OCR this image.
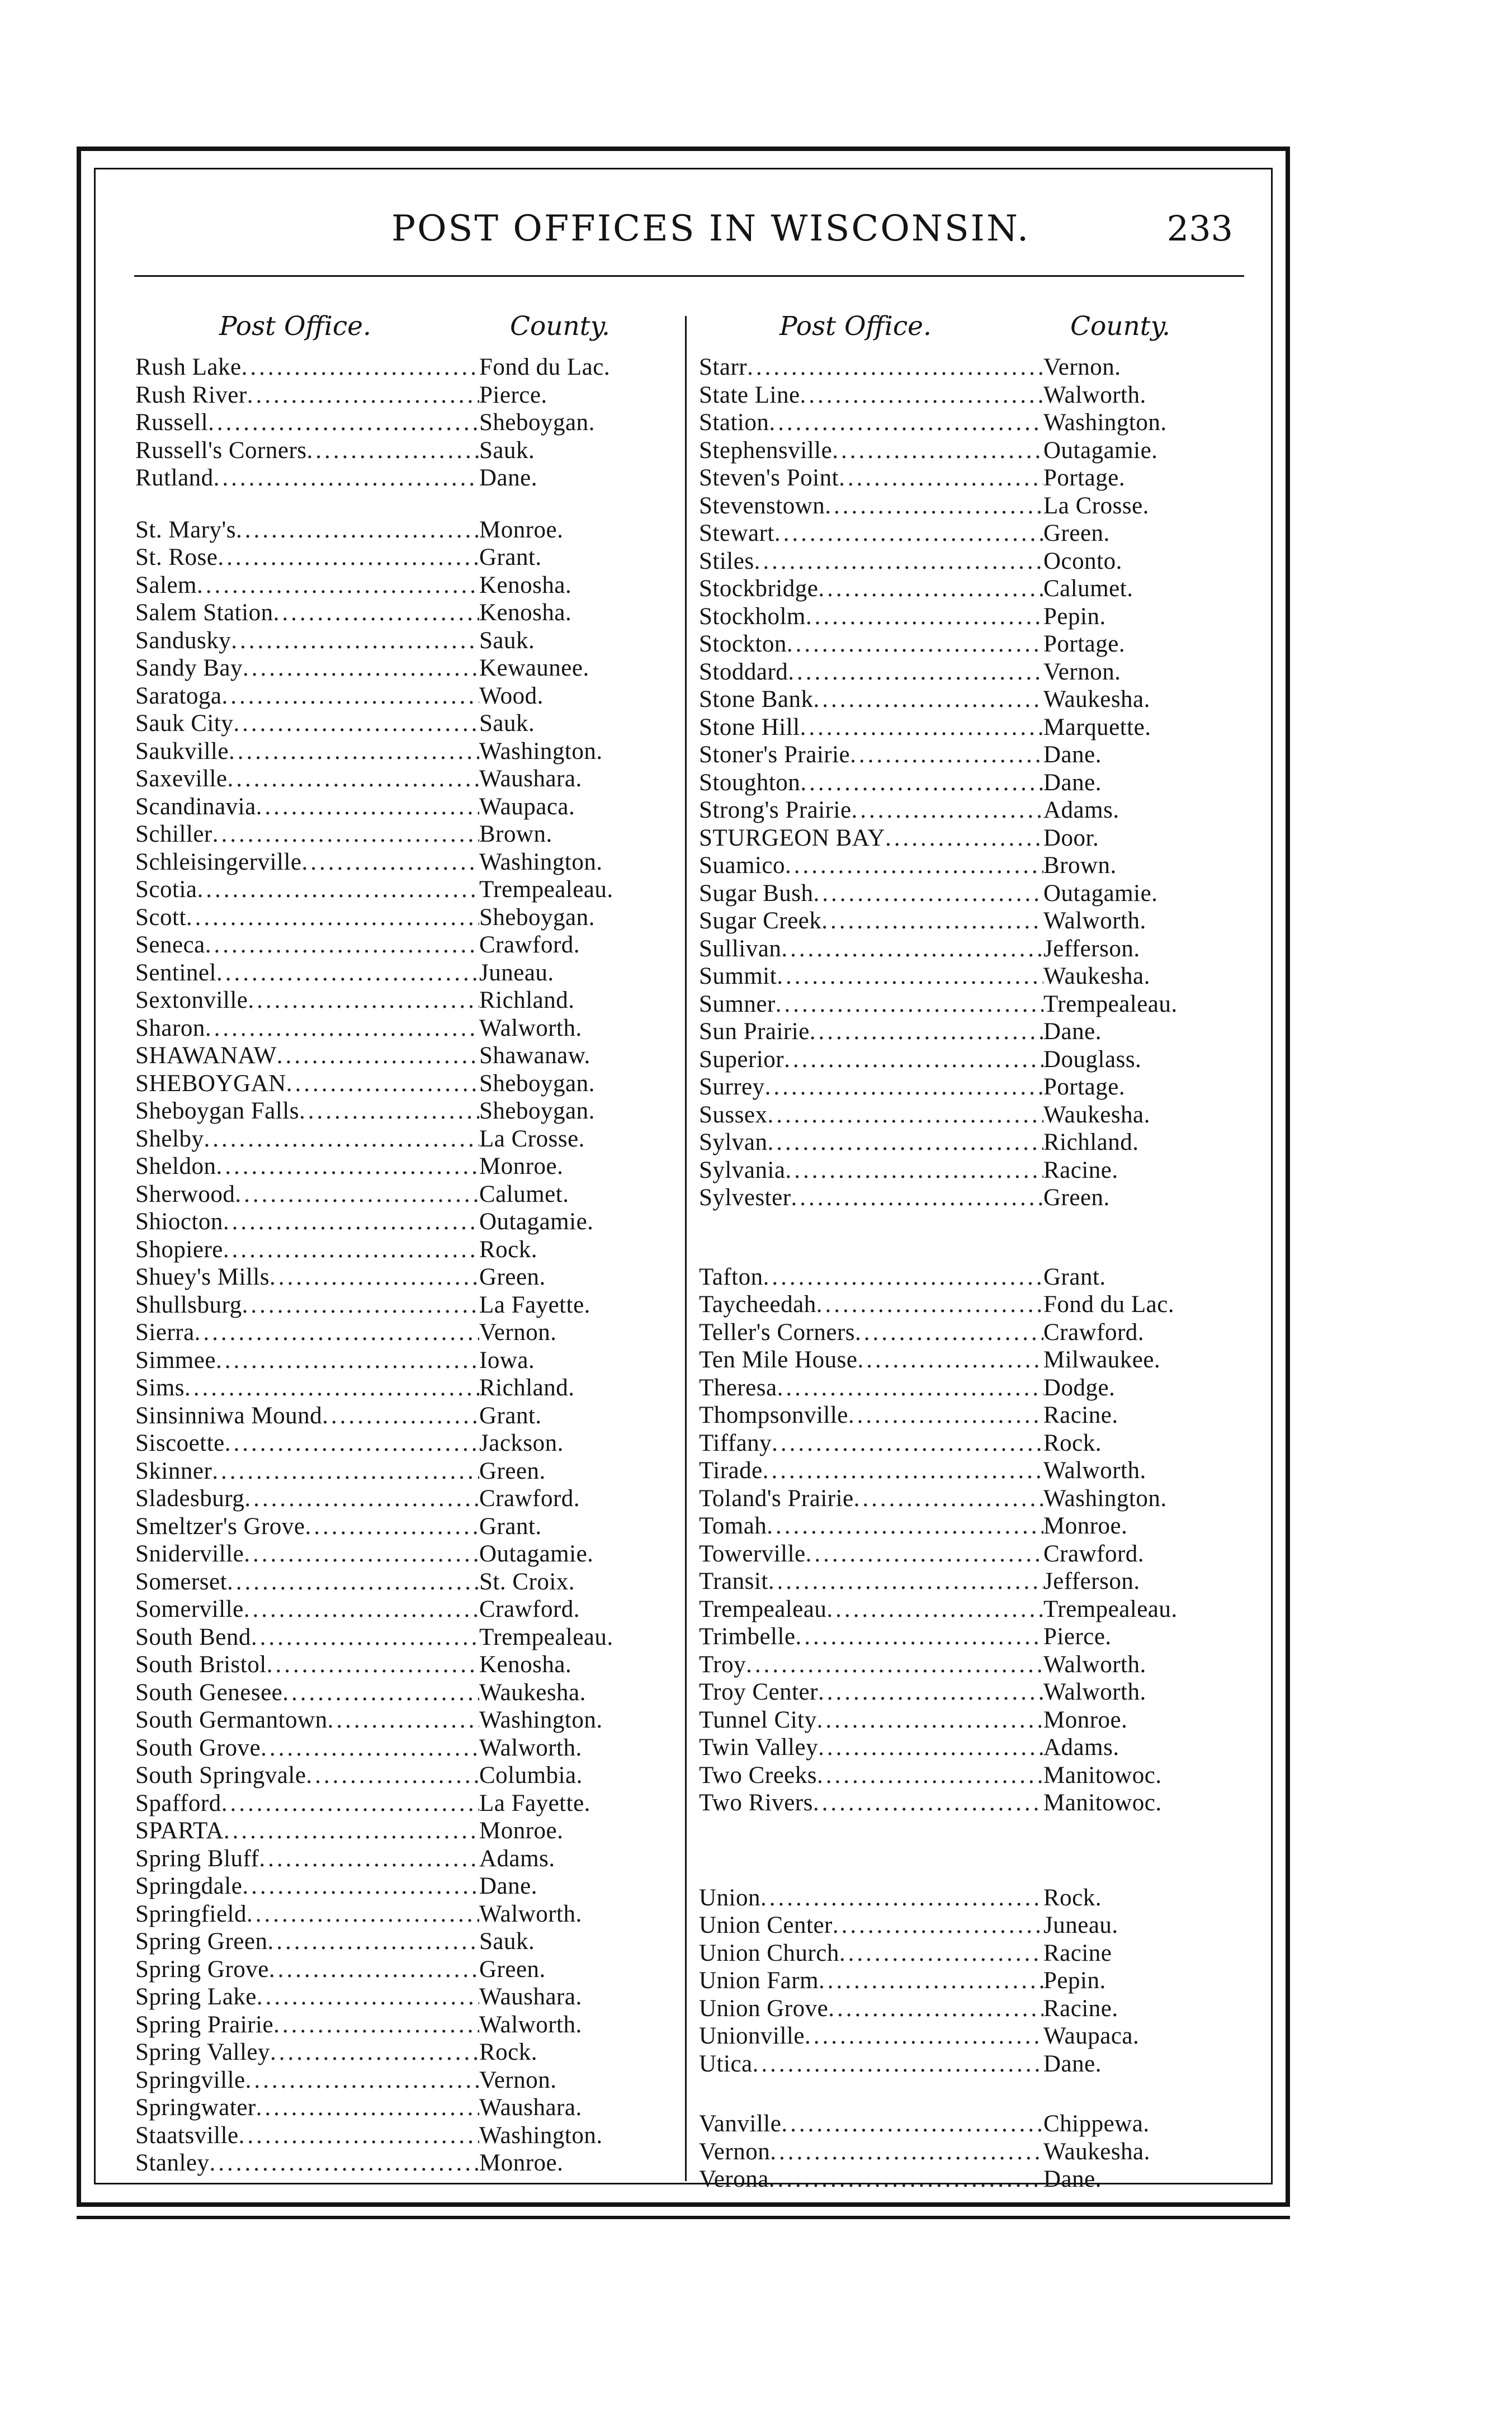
POST OFFICES IN WISCONSIN.	233
Post Office.	County.
Rush Lake .....	Fond du Lac.
Rush River .....	Pierce.
Russell .....	Sheboygan.
Russell's Corners .....	Sauk.
Rutland .....	Dane.
St. Mary's .....	Monroe.
St. Rose .....	Grant.
Salem .....	Kenosha.
Salem Station .....	Kenosha.
Sandusky .....	Sauk.
Sandy Bay .....	Kewaunee.
Saratoga .....	Wood.
Sauk City .....	Sauk.
Saukville .....	Washington.
Saxeville .....	Waushara.
Scandinavia .....	Waupaca.
Schiller .....	Brown.
Schleisingerville .....	Washington.
Scotia .....	Trempealeau.
Scott .....	Sheboygan.
Seneca .....	Crawford.
Sentinel .....	Juneau.
Sextonville .....	Richland.
Sharon .....	Walworth.
SHAWANAW .....	Shawanaw.
SHEBOYGAN .....	Sheboygan.
Sheboygan Falls .....	Sheboygan.
Shelby .....	La Crosse.
Sheldon .....	Monroe.
Sherwood .....	Calumet.
Shiocton .....	Outagamie.
Shopiere .....	Rock.
Shuey's Mills .....	Green.
Shullsburg .....	La Fayette.
Sierra .....	Vernon.
Simmee .....	Iowa.
Sims .....	Richland.
Sinsinniwa Mound .....	Grant.
Siscoette .....	Jackson.
Skinner .....	Green.
Sladesburg .....	Crawford.
Smeltzer's Grove .....	Grant.
Sniderville .....	Outagamie.
Somerset .....	St. Croix.
Somerville .....	Crawford.
South Bend .....	Trempealeau.
South Bristol .....	Kenosha.
South Genesee .....	Waukesha.
South Germantown .....	Washington.
South Grove .....	Walworth.
South Springvale .....	Columbia.
Spafford .....	La Fayette.
SPARTA .....	Monroe.
Spring Bluff .....	Adams.
Springdale .....	Dane.
Springfield .....	Walworth.
Spring Green .....	Sauk.
Spring Grove .....	Green.
Spring Lake .....	Waushara.
Spring Prairie .....	Walworth.
Spring Valley .....	Rock.
Springville .....	Vernon.
Springwater .....	Waushara.
Staatsville .....	Washington.
Stanley .....	Monroe.
Post Office.	County.
Starr .....	Vernon.
State Line .....	Walworth.
Station .....	Washington.
Stephensville .....	Outagamie.
Steven's Point .....	Portage.
Stevenstown .....	La Crosse.
Stewart .....	Green.
Stiles .....	Oconto.
Stockbridge .....	Calumet.
Stockholm .....	Pepin.
Stockton .....	Portage.
Stoddard .....	Vernon.
Stone Bank .....	Waukesha.
Stone Hill .....	Marquette.
Stoner's Prairie .....	Dane.
Stoughton .....	Dane.
Strong's Prairie .....	Adams.
STURGEON BAY .....	Door.
Suamico .....	Brown.
Sugar Bush .....	Outagamie.
Sugar Creek .....	Walworth.
Sullivan .....	Jefferson.
Summit .....	Waukesha.
Sumner .....	Trempealeau.
Sun Prairie .....	Dane.
Superior .....	Douglass.
Surrey .....	Portage.
Sussex .....	Waukesha.
Sylvan .....	Richland.
Sylvania .....	Racine.
Sylvester .....	Green.
Tafton .....	Grant.
Taycheedah .....	Fond du Lac.
Teller's Corners .....	Crawford.
Ten Mile House .....	Milwaukee.
Theresa .....	Dodge.
Thompsonville .....	Racine.
Tiffany .....	Rock.
Tirade .....	Walworth.
Toland's Prairie .....	Washington.
Tomah .....	Monroe.
Towerville .....	Crawford.
Transit .....	Jefferson.
Trempealeau .....	Trempealeau.
Trimbelle .....	Pierce.
Troy .....	Walworth.
Troy Center .....	Walworth.
Tunnel City .....	Monroe.
Twin Valley .....	Adams.
Two Creeks .....	Manitowoc.
Two Rivers .....	Manitowoc.
Union .....	Rock.
Union Center .....	Juneau.
Union Church .....	Racine
Union Farm .....	Pepin.
Union Grove .....	Racine.
Unionville .....	Waupaca.
Utica .....	Dane.
Vanville .....	Chippewa.
Vernon .....	Waukesha.
Verona .....	Dane.
